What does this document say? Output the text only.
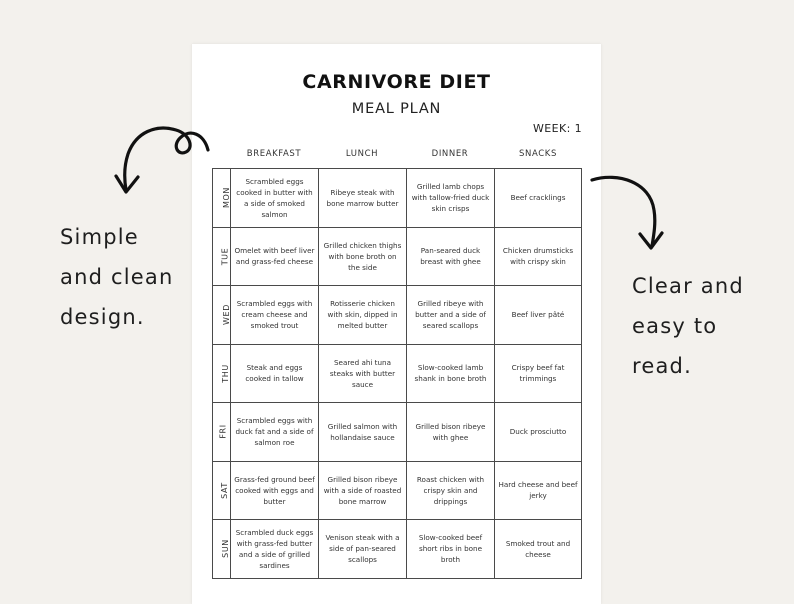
CARNIVORE DIET
MEAL PLAN
WEEK: 1
BREAKFAST	LUNCH	DINNER	SNACKS
MON	Scrambled eggs cooked in butter with a side of smoked salmon	Ribeye steak with bone marrow butter	Grilled lamb chops with tallow-fried duck skin crisps	Beef cracklings
TUE	Omelet with beef liver and grass-fed cheese	Grilled chicken thighs with bone broth on the side	Pan-seared duck breast with ghee	Chicken drumsticks with crispy skin
WED	Scrambled eggs with cream cheese and smoked trout	Rotisserie chicken with skin, dipped in melted butter	Grilled ribeye with butter and a side of seared scallops	Beef liver pâté
THU	Steak and eggs cooked in tallow	Seared ahi tuna steaks with butter sauce	Slow-cooked lamb shank in bone broth	Crispy beef fat trimmings
FRI	Scrambled eggs with duck fat and a side of salmon roe	Grilled salmon with hollandaise sauce	Grilled bison ribeye with ghee	Duck prosciutto
SAT	Grass-fed ground beef cooked with eggs and butter	Grilled bison ribeye with a side of roasted bone marrow	Roast chicken with crispy skin and drippings	Hard cheese and beef jerky
SUN	Scrambled duck eggs with grass-fed butter and a side of grilled sardines	Venison steak with a side of pan-seared scallops	Slow-cooked beef short ribs in bone broth	Smoked trout and cheese
Simple
and clean
design.
Clear and
easy to
read.
